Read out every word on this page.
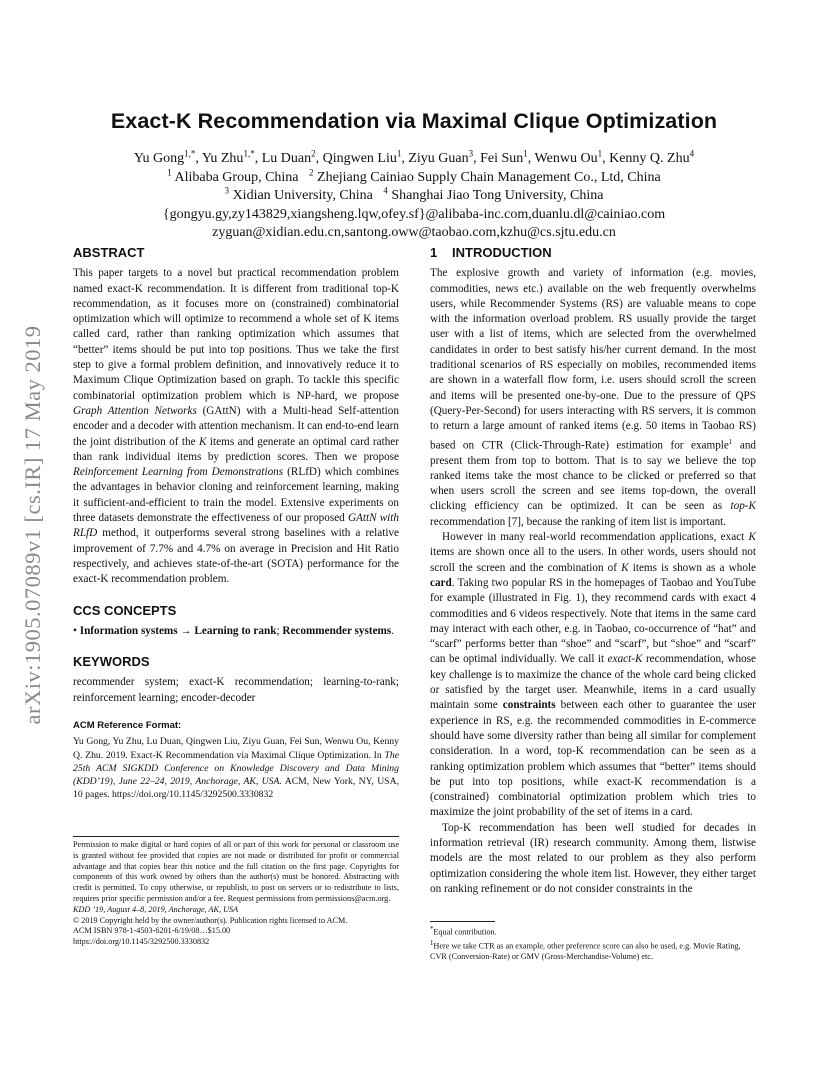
arXiv:1905.07089v1 [cs.IR] 17 May 2019
Exact-K Recommendation via Maximal Clique Optimization
Yu Gong$^{1,*}$, Yu Zhu$^{1,*}$, Lu Duan$^2$, Qingwen Liu$^1$, Ziyu Guan$^3$, Fei Sun$^1$, Wenwu Ou$^1$, Kenny Q. Zhu$^4$
$^1$ Alibaba Group, China $^2$ Zhejiang Cainiao Supply Chain Management Co., Ltd, China
$^3$ Xidian University, China $^4$ Shanghai Jiao Tong University, China
{gongyu.gy,zy143829,xiangsheng.lqw,ofey.sf}@alibaba-inc.com,duanlu.dl@cainiao.com
zyguan@xidian.edu.cn,santong.oww@taobao.com,kzhu@cs.sjtu.edu.cn
ABSTRACT

This paper targets to a novel but practical recommendation problem named exact-K recommendation. It is different from traditional top-K recommendation, as it focuses more on (constrained) combinatorial optimization which will optimize to recommend a whole set of K items called card, rather than ranking optimization which assumes that “better” items should be put into top positions. Thus we take the first step to give a formal problem definition, and innovatively reduce it to Maximum Clique Optimization based on graph. To tackle this specific combinatorial optimization problem which is NP-hard, we propose Graph Attention Networks (GAttN) with a Multi-head Self-attention encoder and a decoder with attention mechanism. It can end-to-end learn the joint distribution of the K items and generate an optimal card rather than rank individual items by prediction scores. Then we propose Reinforcement Learning from Demonstrations (RLfD) which combines the advantages in behavior cloning and reinforcement learning, making it sufficient-and-efficient to train the model. Extensive experiments on three datasets demonstrate the effectiveness of our proposed GAttN with RLfD method, it outperforms several strong baselines with a relative improvement of 7.7% and 4.7% on average in Precision and Hit Ratio respectively, and achieves state-of-the-art (SOTA) performance for the exact-K recommendation problem.

CCS CONCEPTS

• Information systems → Learning to rank; Recommender systems.

KEYWORDS

recommender system; exact-K recommendation; learning-to-rank; reinforcement learning; encoder-decoder

ACM Reference Format:

Yu Gong, Yu Zhu, Lu Duan, Qingwen Liu, Ziyu Guan, Fei Sun, Wenwu Ou, Kenny Q. Zhu. 2019. Exact-K Recommendation via Maximal Clique Optimization. In The 25th ACM SIGKDD Conference on Knowledge Discovery and Data Mining (KDD’19), June 22–24, 2019, Anchorage, AK, USA. ACM, New York, NY, USA, 10 pages. https://doi.org/10.1145/3292500.3330832

Permission to make digital or hard copies of all or part of this work for personal or classroom use is granted without fee provided that copies are not made or distributed for profit or commercial advantage and that copies bear this notice and the full citation on the first page. Copyrights for components of this work owned by others than the author(s) must be honored. Abstracting with credit is permitted. To copy otherwise, or republish, to post on servers or to redistribute to lists, requires prior specific permission and/or a fee. Request permissions from permissions@acm.org.

KDD ’19, August 4–8, 2019, Anchorage, AK, USA

© 2019 Copyright held by the owner/author(s). Publication rights licensed to ACM.

ACM ISBN 978-1-4503-6201-6/19/08…$15.00

https://doi.org/10.1145/3292500.3330832

1 INTRODUCTION

The explosive growth and variety of information (e.g. movies, commodities, news etc.) available on the web frequently overwhelms users, while Recommender Systems (RS) are valuable means to cope with the information overload problem. RS usually provide the target user with a list of items, which are selected from the overwhelmed candidates in order to best satisfy his/her current demand. In the most traditional scenarios of RS especially on mobiles, recommended items are shown in a waterfall flow form, i.e. users should scroll the screen and items will be presented one-by-one. Due to the pressure of QPS (Query-Per-Second) for users interacting with RS servers, it is common to return a large amount of ranked items (e.g. 50 items in Taobao RS) based on CTR (Click-Through-Rate) estimation for example$^1$ and present them from top to bottom. That is to say we believe the top ranked items take the most chance to be clicked or preferred so that when users scroll the screen and see items top-down, the overall clicking efficiency can be optimized. It can be seen as top-K recommendation [7], because the ranking of item list is important.

However in many real-world recommendation applications, exact K items are shown once all to the users. In other words, users should not scroll the screen and the combination of K items is shown as a whole card. Taking two popular RS in the homepages of Taobao and YouTube for example (illustrated in Fig. 1), they recommend cards with exact 4 commodities and 6 videos respectively. Note that items in the same card may interact with each other, e.g. in Taobao, co-occurrence of “hat” and “scarf” performs better than “shoe” and “scarf”, but “shoe” and “scarf” can be optimal individually. We call it exact-K recommendation, whose key challenge is to maximize the chance of the whole card being clicked or satisfied by the target user. Meanwhile, items in a card usually maintain some constraints between each other to guarantee the user experience in RS, e.g. the recommended commodities in E-commerce should have some diversity rather than being all similar for complement consideration. In a word, top-K recommendation can be seen as a ranking optimization problem which assumes that “better” items should be put into top positions, while exact-K recommendation is a (constrained) combinatorial optimization problem which tries to maximize the joint probability of the set of items in a card.

Top-K recommendation has been well studied for decades in information retrieval (IR) research community. Among them, listwise models are the most related to our problem as they also perform optimization considering the whole item list. However, they either target on ranking refinement or do not consider constraints in the

*Equal contribution.

$^1$Here we take CTR as an example, other preference score can also be used, e.g. Movie Rating, CVR (Conversion-Rate) or GMV (Gross-Merchandise-Volume) etc.
